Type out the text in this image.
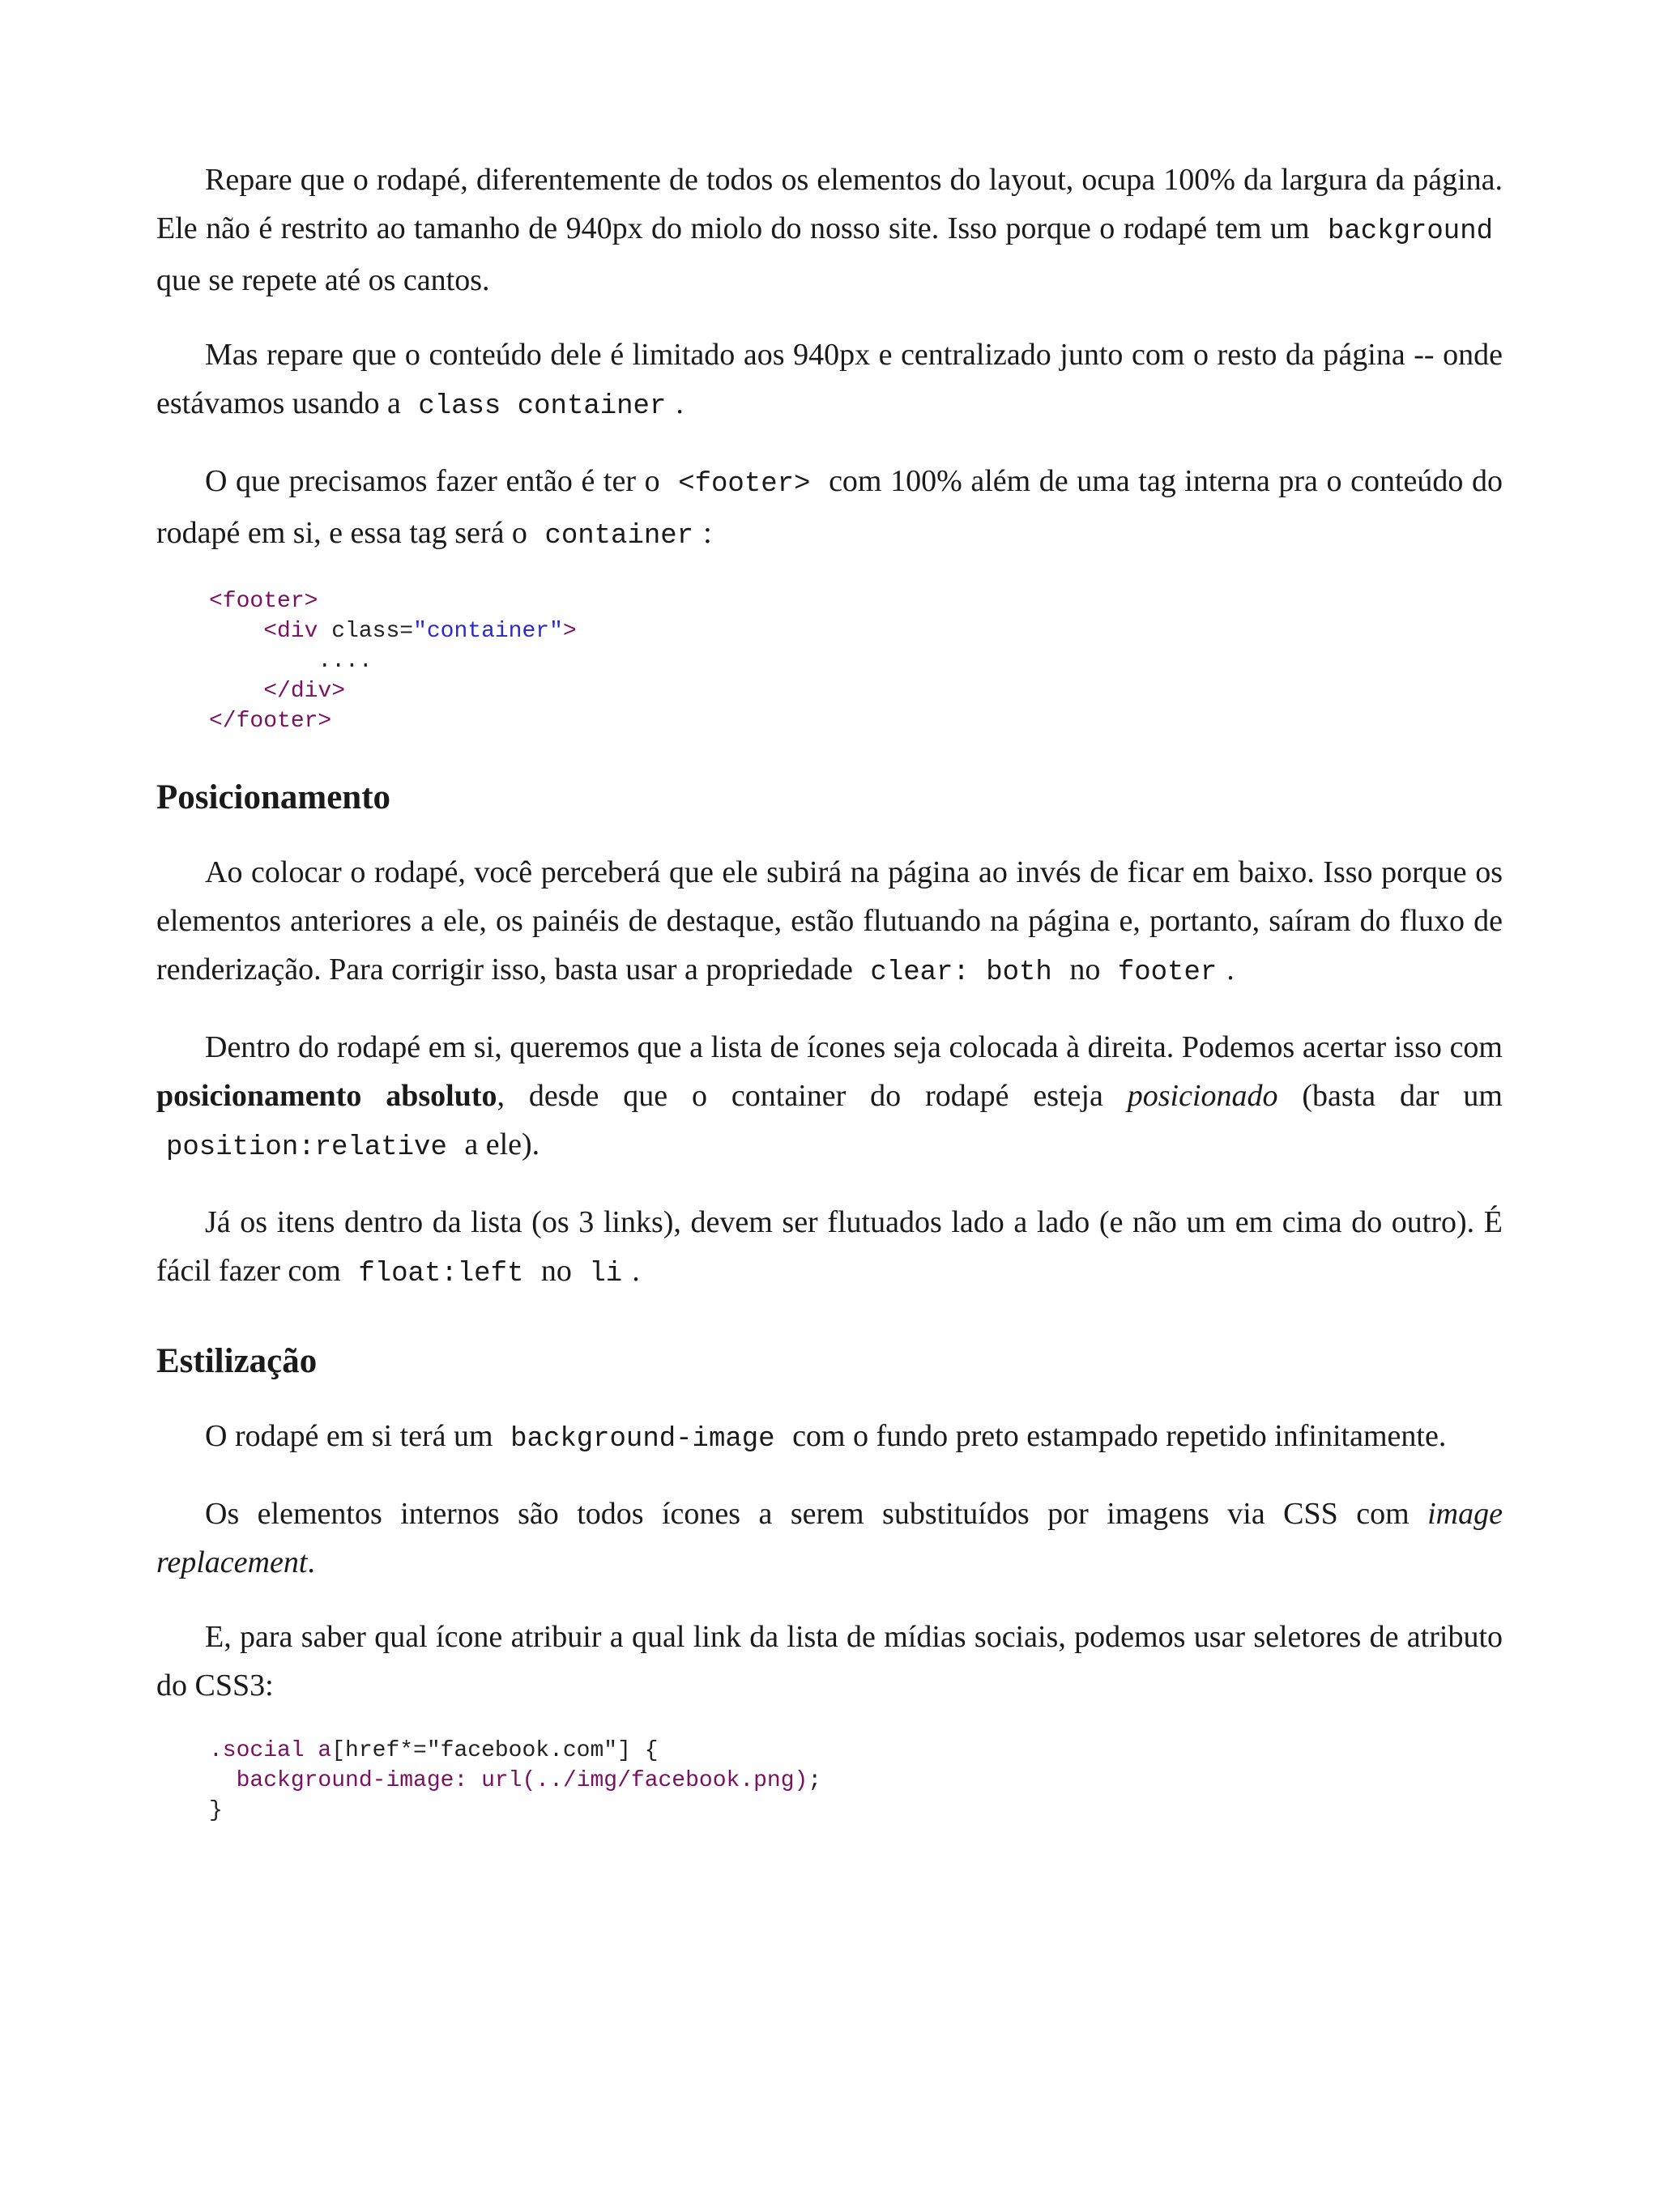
Repare que o rodapé, diferentemente de todos os elementos do layout, ocupa 100% da largura da página. Ele não é restrito ao tamanho de 940px do miolo do nosso site. Isso porque o rodapé tem um background que se repete até os cantos.

Mas repare que o conteúdo dele é limitado aos 940px e centralizado junto com o resto da página -- onde estávamos usando a class container .

O que precisamos fazer então é ter o <footer> com 100% além de uma tag interna pra o conteúdo do rodapé em si, e essa tag será o container :

<footer>
<div class="container">
....
</div>
</footer>
Posicionamento

Ao colocar o rodapé, você perceberá que ele subirá na página ao invés de ficar em baixo. Isso porque os elementos anteriores a ele, os painéis de destaque, estão flutuando na página e, portanto, saíram do fluxo de renderização. Para corrigir isso, basta usar a propriedade clear: both no footer .

Dentro do rodapé em si, queremos que a lista de ícones seja colocada à direita. Podemos acertar isso com posicionamento absoluto, desde que o container do rodapé esteja posicionado (basta dar um position:relative a ele).

Já os itens dentro da lista (os 3 links), devem ser flutuados lado a lado (e não um em cima do outro). É fácil fazer com float:left no li .

Estilização

O rodapé em si terá um background-image com o fundo preto estampado repetido infinitamente.

Os elementos internos são todos ícones a serem substituídos por imagens via CSS com image replacement.

E, para saber qual ícone atribuir a qual link da lista de mídias sociais, podemos usar seletores de atributo do CSS3:

.social a[href*="facebook.com"] {
background-image: url(../img/facebook.png);
}
